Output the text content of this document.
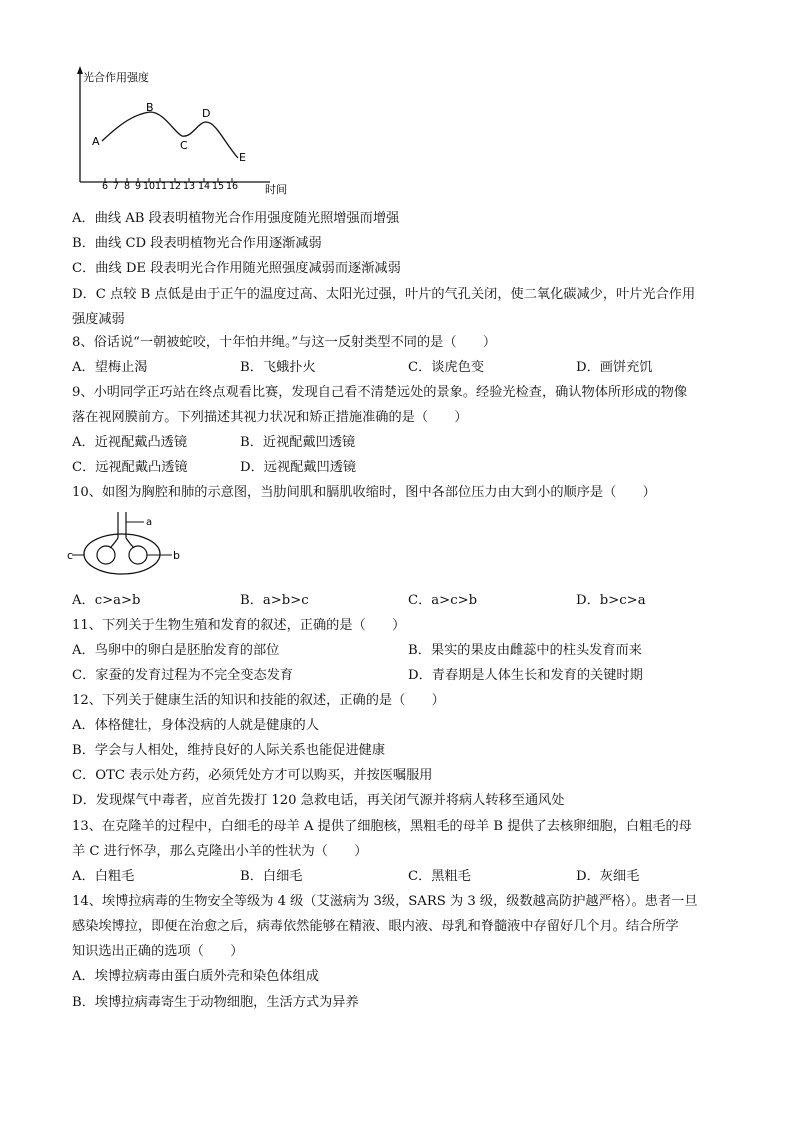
光合作用强度
时间
6 7 8 9 10 11 12 13 14 15 16
A
B
C
D
E
A．曲线 AB 段表明植物光合作用强度随光照增强而增强
B．曲线 CD 段表明植物光合作用逐渐减弱
C．曲线 DE 段表明光合作用随光照强度减弱而逐渐减弱
D．C 点较 B 点低是由于正午的温度过高、太阳光过强，叶片的气孔关闭，使二氧化碳减少，叶片光合作用
强度减弱
8、俗话说“一朝被蛇咬，十年怕井绳。”与这一反射类型不同的是（　　）
A．望梅止渴	B．飞蛾扑火	C．谈虎色变	D．画饼充饥
9、小明同学正巧站在终点观看比赛，发现自己看不清楚远处的景象。经验光检查，确认物体所形成的物像
落在视网膜前方。下列描述其视力状况和矫正措施准确的是（　　）
A．近视配戴凸透镜	B．近视配戴凹透镜
C．远视配戴凸透镜	D．远视配戴凹透镜
10、如图为胸腔和肺的示意图，当肋间肌和膈肌收缩时，图中各部位压力由大到小的顺序是（　　）
a
b
c
A．c>a>b	B．a>b>c	C．a>c>b	D．b>c>a
11、下列关于生物生殖和发育的叙述，正确的是（　　）
A．鸟卵中的卵白是胚胎发育的部位	B．果实的果皮由雌蕊中的柱头发育而来
C．家蚕的发育过程为不完全变态发育	D．青春期是人体生长和发育的关键时期
12、下列关于健康生活的知识和技能的叙述，正确的是（　　）
A．体格健壮，身体没病的人就是健康的人
B．学会与人相处，维持良好的人际关系也能促进健康
C．OTC 表示处方药，必须凭处方才可以购买，并按医嘱服用
D．发现煤气中毒者，应首先拨打 120 急救电话，再关闭气源并将病人转移至通风处
13、在克隆羊的过程中，白细毛的母羊 A 提供了细胞核，黑粗毛的母羊 B 提供了去核卵细胞，白粗毛的母
羊 C 进行怀孕，那么克隆出小羊的性状为（　　）
A．白粗毛	B．白细毛	C．黑粗毛	D．灰细毛
14、埃博拉病毒的生物安全等级为 4 级（艾滋病为 3级，SARS 为 3 级，级数越高防护越严格）。患者一旦
感染埃博拉，即便在治愈之后，病毒依然能够在精液、眼内液、母乳和脊髓液中存留好几个月。结合所学
知识选出正确的选项（　　）
A．埃博拉病毒由蛋白质外壳和染色体组成
B．埃博拉病毒寄生于动物细胞，生活方式为异养
